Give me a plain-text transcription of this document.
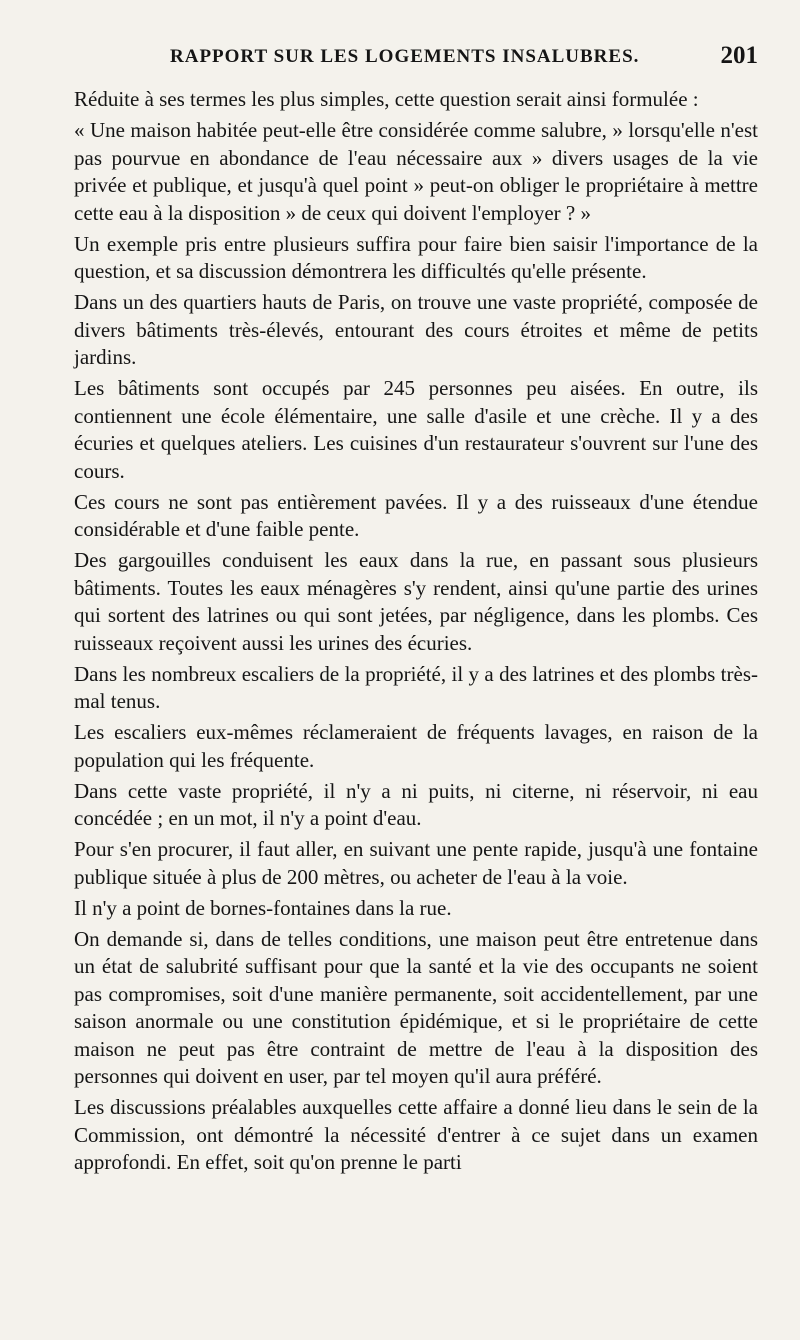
RAPPORT SUR LES LOGEMENTS INSALUBRES.	201

Réduite à ses termes les plus simples, cette question serait ainsi formulée :

« Une maison habitée peut-elle être considérée comme salubre, » lorsqu'elle n'est pas pourvue en abondance de l'eau nécessaire aux » divers usages de la vie privée et publique, et jusqu'à quel point » peut-on obliger le propriétaire à mettre cette eau à la disposition » de ceux qui doivent l'employer ? »

Un exemple pris entre plusieurs suffira pour faire bien saisir l'importance de la question, et sa discussion démontrera les difficultés qu'elle présente.

Dans un des quartiers hauts de Paris, on trouve une vaste propriété, composée de divers bâtiments très-élevés, entourant des cours étroites et même de petits jardins.

Les bâtiments sont occupés par 245 personnes peu aisées. En outre, ils contiennent une école élémentaire, une salle d'asile et une crèche. Il y a des écuries et quelques ateliers. Les cuisines d'un restaurateur s'ouvrent sur l'une des cours.

Ces cours ne sont pas entièrement pavées. Il y a des ruisseaux d'une étendue considérable et d'une faible pente.

Des gargouilles conduisent les eaux dans la rue, en passant sous plusieurs bâtiments. Toutes les eaux ménagères s'y rendent, ainsi qu'une partie des urines qui sortent des latrines ou qui sont jetées, par négligence, dans les plombs. Ces ruisseaux reçoivent aussi les urines des écuries.

Dans les nombreux escaliers de la propriété, il y a des latrines et des plombs très-mal tenus.

Les escaliers eux-mêmes réclameraient de fréquents lavages, en raison de la population qui les fréquente.

Dans cette vaste propriété, il n'y a ni puits, ni citerne, ni réservoir, ni eau concédée ; en un mot, il n'y a point d'eau.

Pour s'en procurer, il faut aller, en suivant une pente rapide, jusqu'à une fontaine publique située à plus de 200 mètres, ou acheter de l'eau à la voie.

Il n'y a point de bornes-fontaines dans la rue.

On demande si, dans de telles conditions, une maison peut être entretenue dans un état de salubrité suffisant pour que la santé et la vie des occupants ne soient pas compromises, soit d'une manière permanente, soit accidentellement, par une saison anormale ou une constitution épidémique, et si le propriétaire de cette maison ne peut pas être contraint de mettre de l'eau à la disposition des personnes qui doivent en user, par tel moyen qu'il aura préféré.

Les discussions préalables auxquelles cette affaire a donné lieu dans le sein de la Commission, ont démontré la nécessité d'entrer à ce sujet dans un examen approfondi. En effet, soit qu'on prenne le parti
